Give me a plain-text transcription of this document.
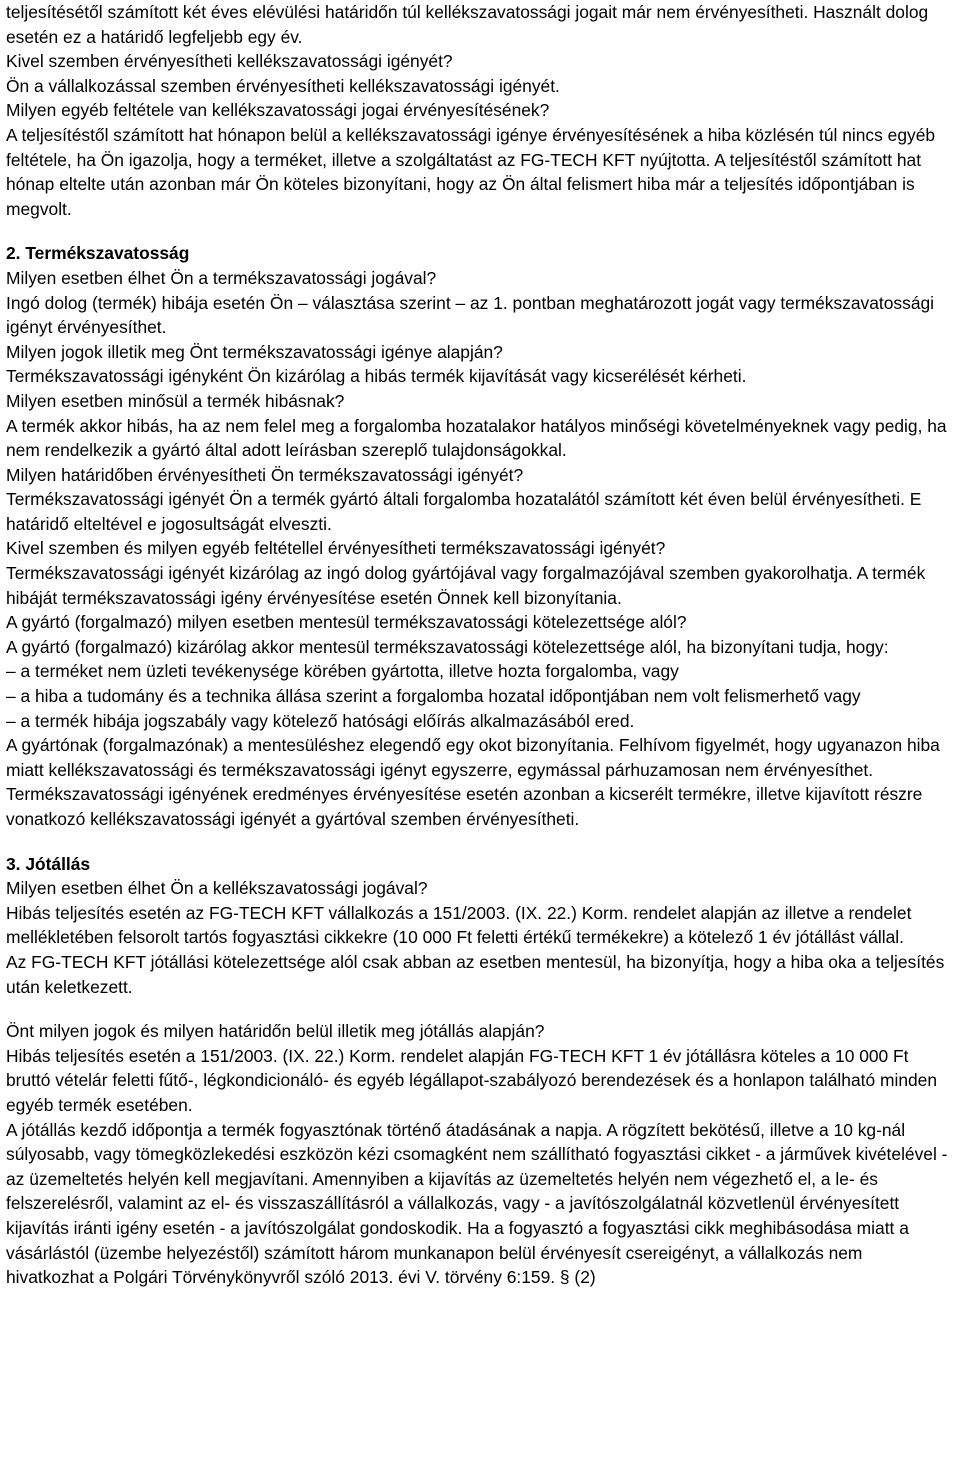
teljesítésétől számított két éves elévülési határidőn túl kellékszavatossági jogait már nem érvényesítheti. Használt dolog esetén ez a határidő legfeljebb egy év.

Kivel szemben érvényesítheti kellékszavatossági igényét?

Ön a vállalkozással szemben érvényesítheti kellékszavatossági igényét.

Milyen egyéb feltétele van kellékszavatossági jogai érvényesítésének?

A teljesítéstől számított hat hónapon belül a kellékszavatossági igénye érvényesítésének a hiba közlésén túl nincs egyéb feltétele, ha Ön igazolja, hogy a terméket, illetve a szolgáltatást az FG-TECH KFT nyújtotta. A teljesítéstől számított hat hónap eltelte után azonban már Ön köteles bizonyítani, hogy az Ön által felismert hiba már a teljesítés időpontjában is megvolt.

2. Termékszavatosság

Milyen esetben élhet Ön a termékszavatossági jogával?

Ingó dolog (termék) hibája esetén Ön – választása szerint – az 1. pontban meghatározott jogát vagy termékszavatossági igényt érvényesíthet.

Milyen jogok illetik meg Önt termékszavatossági igénye alapján?

Termékszavatossági igényként Ön kizárólag a hibás termék kijavítását vagy kicserélését kérheti.

Milyen esetben minősül a termék hibásnak?

A termék akkor hibás, ha az nem felel meg a forgalomba hozatalakor hatályos minőségi követelményeknek vagy pedig, ha nem rendelkezik a gyártó által adott leírásban szereplő tulajdonságokkal.

Milyen határidőben érvényesítheti Ön termékszavatossági igényét?

Termékszavatossági igényét Ön a termék gyártó általi forgalomba hozatalától számított két éven belül érvényesítheti. E határidő elteltével e jogosultságát elveszti.

Kivel szemben és milyen egyéb feltétellel érvényesítheti termékszavatossági igényét?

Termékszavatossági igényét kizárólag az ingó dolog gyártójával vagy forgalmazójával szemben gyakorolhatja. A termék hibáját termékszavatossági igény érvényesítése esetén Önnek kell bizonyítania.

A gyártó (forgalmazó) milyen esetben mentesül termékszavatossági kötelezettsége alól?

A gyártó (forgalmazó) kizárólag akkor mentesül termékszavatossági kötelezettsége alól, ha bizonyítani tudja, hogy:

– a terméket nem üzleti tevékenysége körében gyártotta, illetve hozta forgalomba, vagy

– a hiba a tudomány és a technika állása szerint a forgalomba hozatal időpontjában nem volt felismerhető vagy

– a termék hibája jogszabály vagy kötelező hatósági előírás alkalmazásából ered.

A gyártónak (forgalmazónak) a mentesüléshez elegendő egy okot bizonyítania. Felhívom figyelmét, hogy ugyanazon hiba miatt kellékszavatossági és termékszavatossági igényt egyszerre, egymással párhuzamosan nem érvényesíthet. Termékszavatossági igényének eredményes érvényesítése esetén azonban a kicserélt termékre, illetve kijavított részre vonatkozó kellékszavatossági igényét a gyártóval szemben érvényesítheti.

3. Jótállás

Milyen esetben élhet Ön a kellékszavatossági jogával?

Hibás teljesítés esetén az FG-TECH KFT vállalkozás a 151/2003. (IX. 22.) Korm. rendelet alapján az illetve a rendelet mellékletében felsorolt tartós fogyasztási cikkekre (10 000 Ft feletti értékű termékekre) a kötelező 1 év jótállást vállal.

Az FG-TECH KFT jótállási kötelezettsége alól csak abban az esetben mentesül, ha bizonyítja, hogy a hiba oka a teljesítés után keletkezett.

Önt milyen jogok és milyen határidőn belül illetik meg jótállás alapján?

Hibás teljesítés esetén a 151/2003. (IX. 22.) Korm. rendelet alapján FG-TECH KFT 1 év jótállásra köteles a 10 000 Ft bruttó vételár feletti fűtő-, légkondicionáló- és egyéb légállapot-szabályozó berendezések és a honlapon található minden egyéb termék esetében.

A jótállás kezdő időpontja a termék fogyasztónak történő átadásának a napja. A rögzített bekötésű, illetve a 10 kg-nál súlyosabb, vagy tömegközlekedési eszközön kézi csomagként nem szállítható fogyasztási cikket - a járművek kivételével - az üzemeltetés helyén kell megjavítani. Amennyiben a kijavítás az üzemeltetés helyén nem végezhető el, a le- és felszerelésről, valamint az el- és visszaszállításról a vállalkozás, vagy - a javítószolgálatnál közvetlenül érvényesített kijavítás iránti igény esetén - a javítószolgálat gondoskodik. Ha a fogyasztó a fogyasztási cikk meghibásodása miatt a vásárlástól (üzembe helyezéstől) számított három munkanapon belül érvényesít csereigényt, a vállalkozás nem hivatkozhat a Polgári Törvénykönyvről szóló 2013. évi V. törvény 6:159. § (2)
